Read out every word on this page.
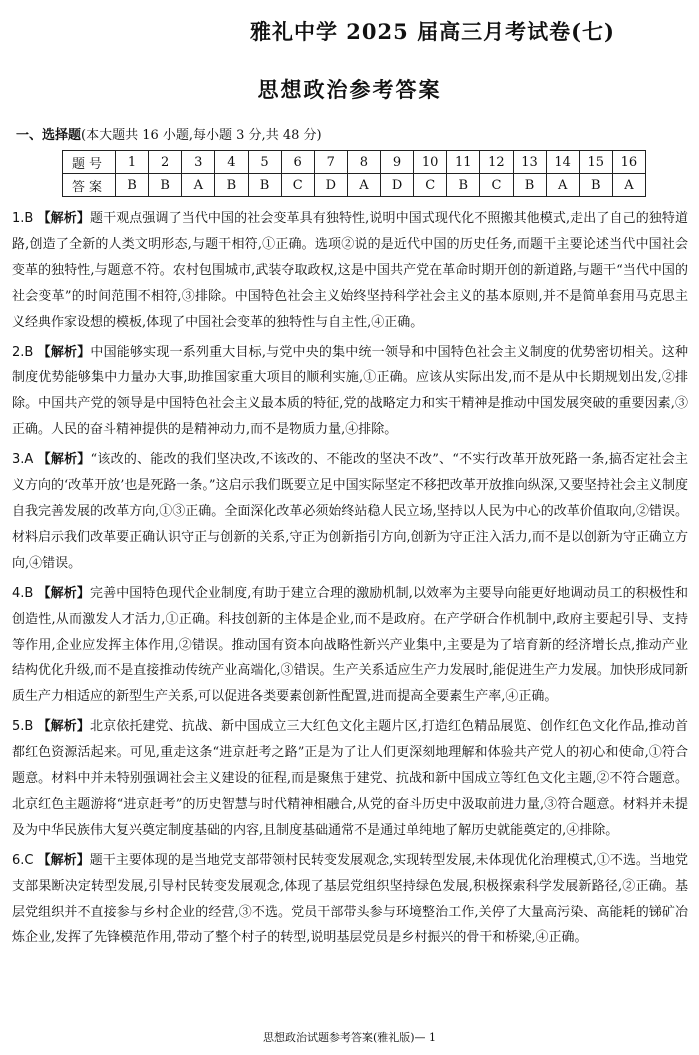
雅礼中学 2025 届高三月考试卷(七)
思想政治参考答案
一、选择题(本大题共 16 小题,每小题 3 分,共 48 分)
题号	1	2	3	4	5	6	7	8	9	10	11	12	13	14	15	16
答案	B	B	A	B	B	C	D	A	D	C	B	C	B	A	B	A

1.B 【解析】题干观点强调了当代中国的社会变革具有独特性,说明中国式现代化不照搬其他模式,走出了自己的独特道路,创造了全新的人类文明形态,与题干相符,①正确。选项②说的是近代中国的历史任务,而题干主要论述当代中国社会变革的独特性,与题意不符。农村包围城市,武装夺取政权,这是中国共产党在革命时期开创的新道路,与题干“当代中国的社会变革”的时间范围不相符,③排除。中国特色社会主义始终坚持科学社会主义的基本原则,并不是简单套用马克思主义经典作家设想的模板,体现了中国社会变革的独特性与自主性,④正确。

2.B 【解析】中国能够实现一系列重大目标,与党中央的集中统一领导和中国特色社会主义制度的优势密切相关。这种制度优势能够集中力量办大事,助推国家重大项目的顺利实施,①正确。应该从实际出发,而不是从中长期规划出发,②排除。中国共产党的领导是中国特色社会主义最本质的特征,党的战略定力和实干精神是推动中国发展突破的重要因素,③正确。人民的奋斗精神提供的是精神动力,而不是物质力量,④排除。

3.A 【解析】“该改的、能改的我们坚决改,不该改的、不能改的坚决不改”、“不实行改革开放死路一条,搞否定社会主义方向的‘改革开放’也是死路一条。”这启示我们既要立足中国实际坚定不移把改革开放推向纵深,又要坚持社会主义制度自我完善发展的改革方向,①③正确。全面深化改革必须始终站稳人民立场,坚持以人民为中心的改革价值取向,②错误。材料启示我们改革要正确认识守正与创新的关系,守正为创新指引方向,创新为守正注入活力,而不是以创新为守正确立方向,④错误。

4.B 【解析】完善中国特色现代企业制度,有助于建立合理的激励机制,以效率为主要导向能更好地调动员工的积极性和创造性,从而激发人才活力,①正确。科技创新的主体是企业,而不是政府。在产学研合作机制中,政府主要起引导、支持等作用,企业应发挥主体作用,②错误。推动国有资本向战略性新兴产业集中,主要是为了培育新的经济增长点,推动产业结构优化升级,而不是直接推动传统产业高端化,③错误。生产关系适应生产力发展时,能促进生产力发展。加快形成同新质生产力相适应的新型生产关系,可以促进各类要素创新性配置,进而提高全要素生产率,④正确。

5.B 【解析】北京依托建党、抗战、新中国成立三大红色文化主题片区,打造红色精品展览、创作红色文化作品,推动首都红色资源活起来。可见,重走这条“进京赶考之路”正是为了让人们更深刻地理解和体验共产党人的初心和使命,①符合题意。材料中并未特别强调社会主义建设的征程,而是聚焦于建党、抗战和新中国成立等红色文化主题,②不符合题意。北京红色主题游将“进京赶考”的历史智慧与时代精神相融合,从党的奋斗历史中汲取前进力量,③符合题意。材料并未提及为中华民族伟大复兴奠定制度基础的内容,且制度基础通常不是通过单纯地了解历史就能奠定的,④排除。

6.C 【解析】题干主要体现的是当地党支部带领村民转变发展观念,实现转型发展,未体现优化治理模式,①不选。当地党支部果断决定转型发展,引导村民转变发展观念,体现了基层党组织坚持绿色发展,积极探索科学发展新路径,②正确。基层党组织并不直接参与乡村企业的经营,③不选。党员干部带头参与环境整治工作,关停了大量高污染、高能耗的锑矿冶炼企业,发挥了先锋模范作用,带动了整个村子的转型,说明基层党员是乡村振兴的骨干和桥梁,④正确。

思想政治试题参考答案(雅礼版)— 1
